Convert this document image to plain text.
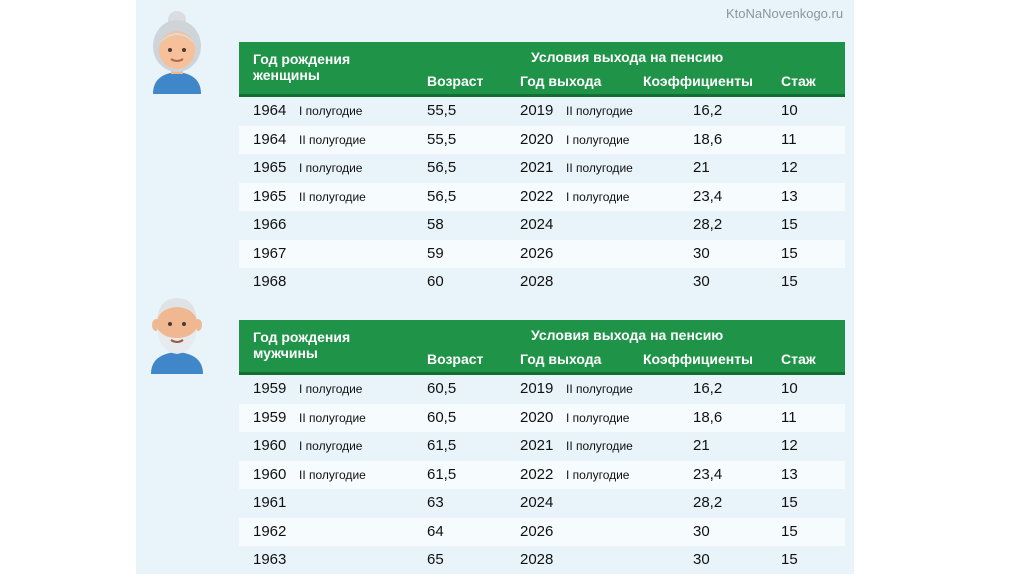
KtoNaNovenkogo.ru
Год рождения
женщины
Условия выхода на пенсию
Возраст	Год выхода	Коэффициенты Стаж
1964 I полугодие	55,5	2019 II полугодие	16,2	10
1964 II полугодие	55,5	2020 I полугодие	18,6	11
1965 I полугодие	56,5	2021 II полугодие	21	12
1965 II полугодие	56,5	2022 I полугодие	23,4	13
1966	58	2024	28,2	15
1967	59	2026	30	15
1968	60	2028	30	15
Год рождения
мужчины
Условия выхода на пенсию
Возраст	Год выхода	Коэффициенты Стаж
1959 I полугодие	60,5	2019 II полугодие	16,2	10
1959 II полугодие	60,5	2020 I полугодие	18,6	11
1960 I полугодие	61,5	2021 II полугодие	21	12
1960 II полугодие	61,5	2022 I полугодие	23,4	13
1961	63	2024	28,2	15
1962	64	2026	30	15
1963	65	2028	30	15
